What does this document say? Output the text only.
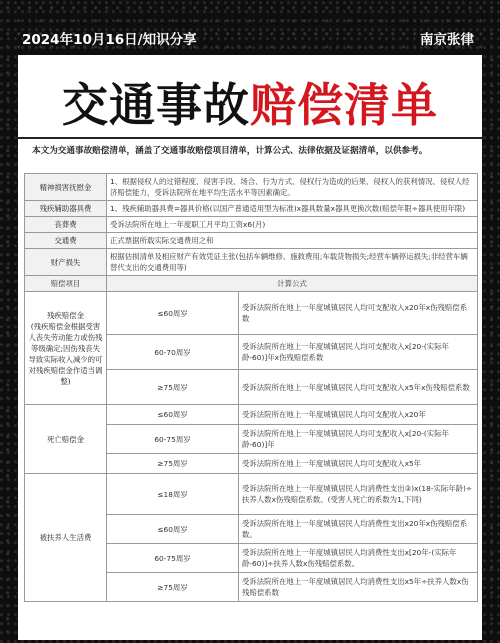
2024年10月16日/知识分享	南京张律
交通事故赔偿清单
本文为交通事故赔偿清单，涵盖了交通事故赔偿项目清单，计算公式、法律依据及证据清单，以供参考。
精神损害抚慰金	1、根据侵权人的过错程度、侵害手段、场合、行为方式、侵权行为造成的后果、侵权人的获利情况、侵权人经济赔偿能力，受诉法院所在地平均生活水平等因素确定。	
残疾辅助器具费	1、残疾辅助器具费=器具价格(以国产普通适用型为标准)x器具数量x器具更换次数(赔偿年限÷器具使用年限)	
丧葬费	受诉法院所在地上一年度职工月平均工资x6(月)	
交通费	正式票据所载实际交通费用之和	
财产损失	根据估损清单及相应财产有效凭证主张(包括车辆维修、施救费用;车载货物损失;经营车辆停运损失;非经营车辆替代支出的交通费用等)	
赔偿项目	计算公式	
残疾赔偿金
(残疾赔偿金根据受害人丧失劳动能力或伤残等级确定;因伤残丧失导致实际收入减少的可对残疾赔偿金作适当调整)	≤60周岁	受诉法院所在地上一年度城镇居民人均可支配收入x20年x伤残赔偿系数
	60-70周岁	受诉法院所在地上一年度城镇居民人均可支配收入x[20-(实际年龄-60)]年x伤残赔偿系数
	≥75周岁	受诉法院所在地上一年度城镇居民人均可支配收入x5年x伤残赔偿系数
死亡赔偿金	≤60周岁	受诉法院所在地上一年度城镇居民人均可支配收入x20年
	60-75周岁	受诉法院所在地上一年度城镇居民人均可支配收入x[20-(实际年龄-60)]年
	≥75周岁	受诉法院所在地上一年度城镇居民人均可支配收入x5年
被扶养人生活费	≤18周岁	受诉法院所在地上一年度城镇居民人均消费性支出③)x(18-实际年龄)÷扶养人数x伤残赔偿系数。(受害人死亡的系数为1,下同)
	≤60周岁	受诉法院所在地上一年度城镇居民人均消费性支出x20年x伤残赔偿系数。
	60-75周岁	受诉法院所在地上一年度城镇居民人均消费性支出x[20年-(实际年龄-60)]÷扶养人数x伤残赔偿系数。
	≥75周岁	受诉法院所在地上一年度城镇居民人均消费性支出x5年÷扶养人数x伤残赔偿系数
